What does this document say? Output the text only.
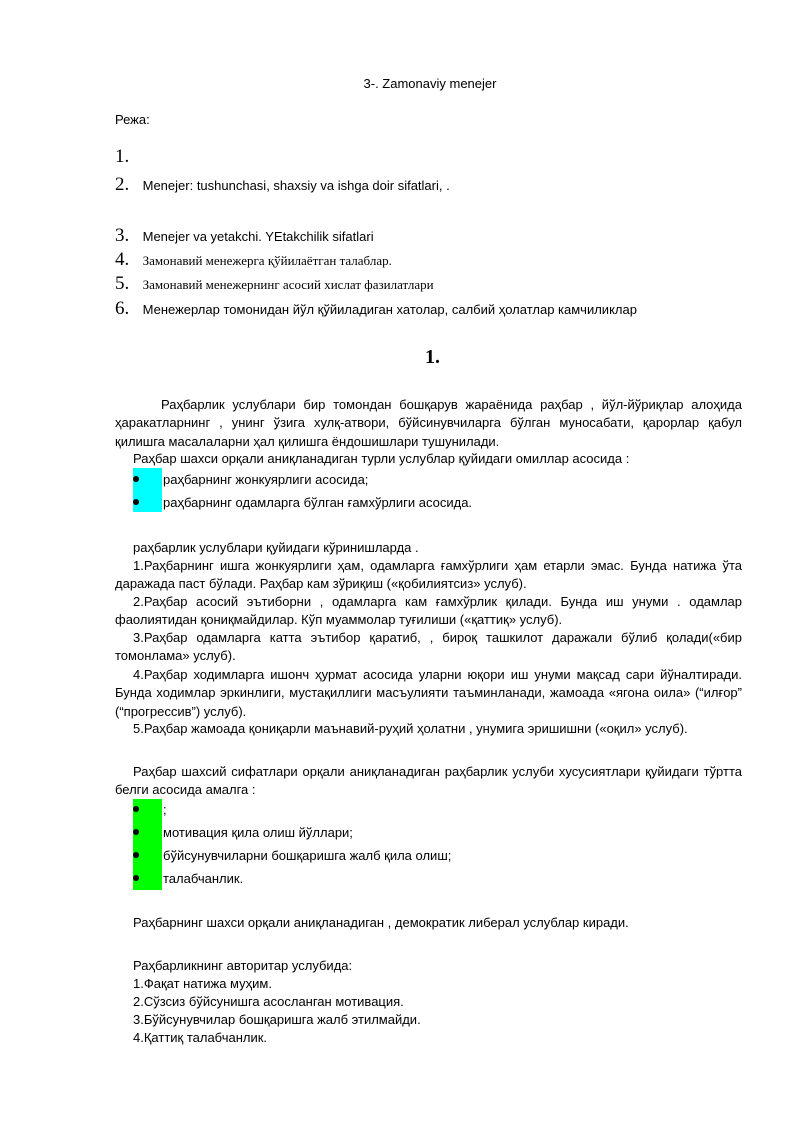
3-. Zamonaviy menejer
Режа:
1.
2. Menejer: tushunchasi, shaxsiy va ishga doir sifatlari, .
3. Menejer va yetakchi. YEtakchilik sifatlari
4. Замонавий менежерга қўйилаётган талаблар.
5. Замонавий менежернинг асосий хислат фазилатлари
6. Менежерлар томонидан йўл қўйиладиган хатолар, салбий ҳолатлар камчиликлар
1.
Раҳбарлик услублари бир томондан бошқарув жараёнида раҳбар , йўл-йўриқлар алоҳида ҳаракатларнинг , унинг ўзига хулқ-атвори, бўйсинувчиларга бўлган муносабати, қарорлар қабул қилишга масалаларни ҳал қилишга ёндошишлари тушунилади.
Раҳбар шахси орқали аниқланадиган турли услублар қуйидаги омиллар асосида :
раҳбарнинг жонкуярлиги асосида;
раҳбарнинг одамларга бўлган ғамхўрлиги асосида.
раҳбарлик услублари қуйидаги кўринишларда .
1.Раҳбарнинг ишга жонкуярлиги ҳам, одамларга ғамхўрлиги ҳам етарли эмас. Бунда натижа ўта даражада паст бўлади. Раҳбар кам зўриқиш («қобилиятсиз» услуб).
2.Раҳбар асосий эътиборни , одамларга кам ғамхўрлик қилади. Бунда иш унуми . одамлар фаолиятидан қониқмайдилар. Кўп муаммолар туғилиши («қаттиқ» услуб).
3.Раҳбар одамларга катта эътибор қаратиб, , бироқ ташкилот даражали бўлиб қолади(«бир томонлама» услуб).
4.Раҳбар ходимларга ишонч ҳурмат асосида уларни юқори иш унуми мақсад сари йўналтиради. Бунда ходимлар эркинлиги, мустақиллиги масъулияти таъминланади, жамоада «ягона оила» (“илғор” (“прогрессив”) услуб).
5.Раҳбар жамоада қониқарли маънавий-руҳий ҳолатни , унумига эришишни («оқил» услуб).
Раҳбар шахсий сифатлари орқали аниқланадиган раҳбарлик услуби хусусиятлари қуйидаги тўртта белги асосида амалга :
;
мотивация қила олиш йўллари;
бўйсунувчиларни бошқаришга жалб қила олиш;
талабчанлик.
Раҳбарнинг шахси орқали аниқланадиган , демократик либерал услублар киради.
Раҳбарликнинг авторитар услубида:
1.Фақат натижа муҳим.
2.Сўзсиз бўйсунишга асосланган мотивация.
3.Бўйсунувчилар бошқаришга жалб этилмайди.
4.Қаттиқ талабчанлик.
